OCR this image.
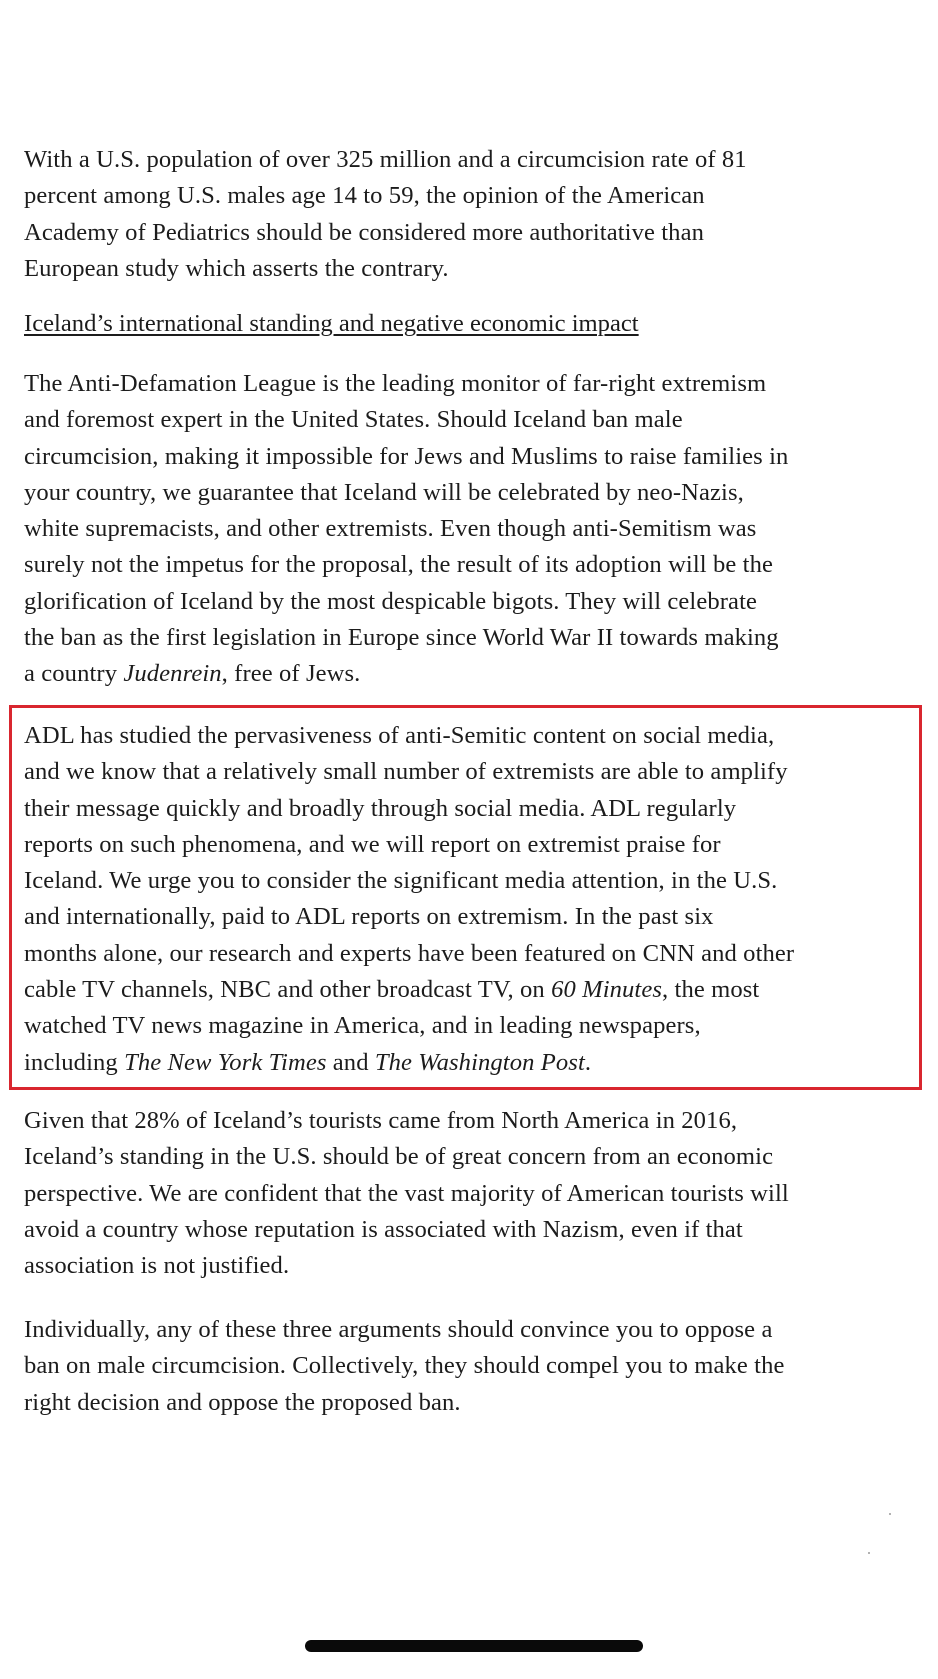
With a U.S. population of over 325 million and a circumcision rate of 81
percent among U.S. males age 14 to 59, the opinion of the American
Academy of Pediatrics should be considered more authoritative than
European study which asserts the contrary.

Iceland’s international standing and negative economic impact

The Anti-Defamation League is the leading monitor of far-right extremism
and foremost expert in the United States. Should Iceland ban male
circumcision, making it impossible for Jews and Muslims to raise families in
your country, we guarantee that Iceland will be celebrated by neo-Nazis,
white supremacists, and other extremists. Even though anti-Semitism was
surely not the impetus for the proposal, the result of its adoption will be the
glorification of Iceland by the most despicable bigots. They will celebrate
the ban as the first legislation in Europe since World War II towards making
a country Judenrein, free of Jews.

ADL has studied the pervasiveness of anti-Semitic content on social media,
and we know that a relatively small number of extremists are able to amplify
their message quickly and broadly through social media. ADL regularly
reports on such phenomena, and we will report on extremist praise for
Iceland. We urge you to consider the significant media attention, in the U.S.
and internationally, paid to ADL reports on extremism. In the past six
months alone, our research and experts have been featured on CNN and other
cable TV channels, NBC and other broadcast TV, on 60 Minutes, the most
watched TV news magazine in America, and in leading newspapers,
including The New York Times and The Washington Post.

Given that 28% of Iceland’s tourists came from North America in 2016,
Iceland’s standing in the U.S. should be of great concern from an economic
perspective. We are confident that the vast majority of American tourists will
avoid a country whose reputation is associated with Nazism, even if that
association is not justified.

Individually, any of these three arguments should convince you to oppose a
ban on male circumcision. Collectively, they should compel you to make the
right decision and oppose the proposed ban.
